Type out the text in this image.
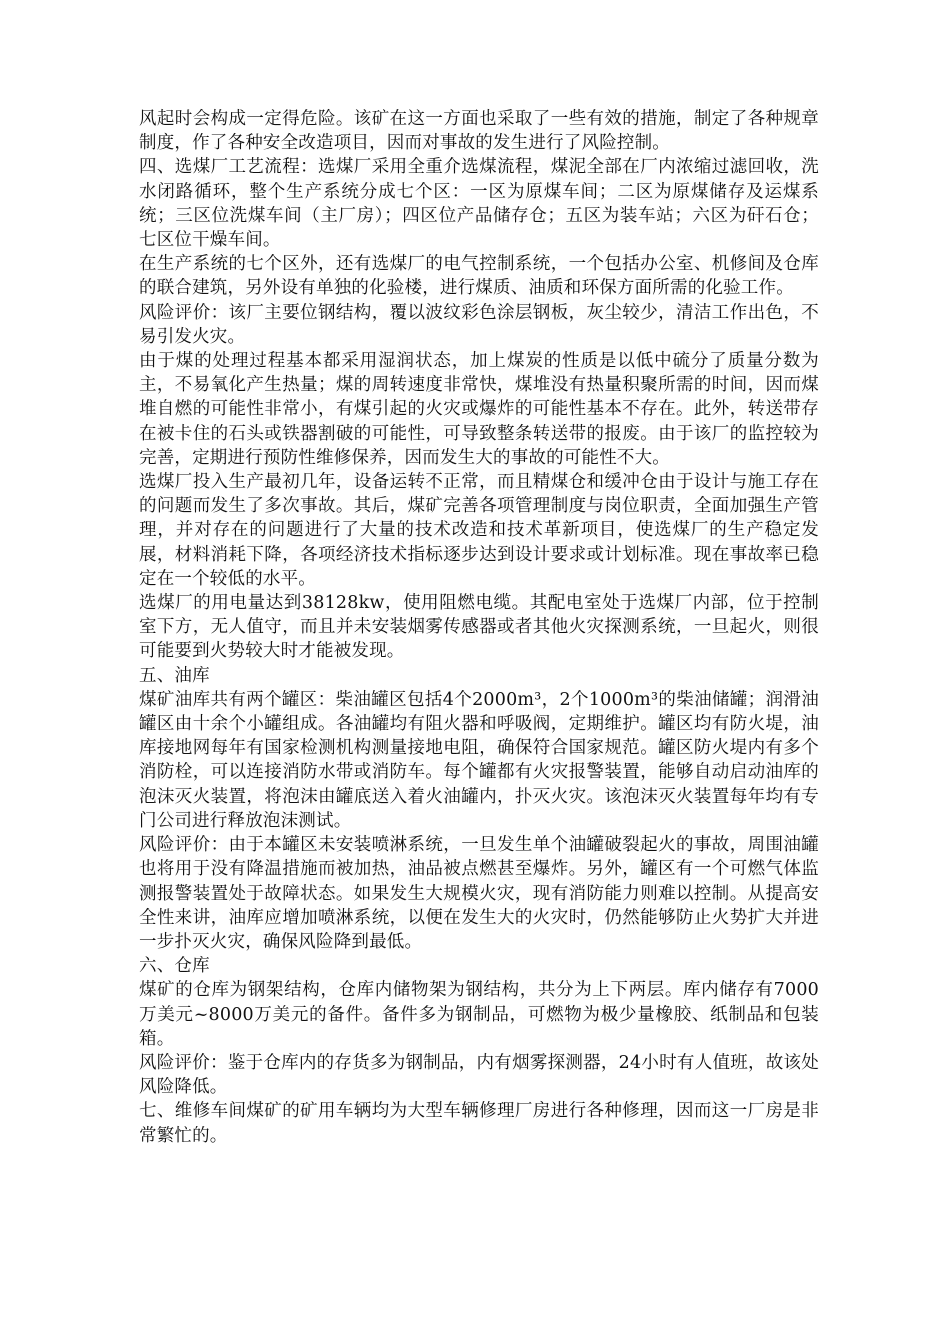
风起时会构成一定得危险。该矿在这一方面也采取了一些有效的措施，制定了各种规章制度，作了各种安全改造项目，因而对事故的发生进行了风险控制。

四、选煤厂工艺流程：选煤厂采用全重介选煤流程，煤泥全部在厂内浓缩过滤回收，洗水闭路循环，整个生产系统分成七个区：一区为原煤车间；二区为原煤储存及运煤系统；三区位洗煤车间（主厂房）；四区位产品储存仓；五区为装车站；六区为矸石仓；七区位干燥车间。

在生产系统的七个区外，还有选煤厂的电气控制系统，一个包括办公室、机修间及仓库的联合建筑，另外设有单独的化验楼，进行煤质、油质和环保方面所需的化验工作。

风险评价：该厂主要位钢结构，覆以波纹彩色涂层钢板，灰尘较少，清洁工作出色，不易引发火灾。

由于煤的处理过程基本都采用湿润状态，加上煤炭的性质是以低中硫分了质量分数为主，不易氧化产生热量；煤的周转速度非常快，煤堆没有热量积聚所需的时间，因而煤堆自燃的可能性非常小，有煤引起的火灾或爆炸的可能性基本不存在。此外，转送带存在被卡住的石头或铁器割破的可能性，可导致整条转送带的报废。由于该厂的监控较为完善，定期进行预防性维修保养，因而发生大的事故的可能性不大。

选煤厂投入生产最初几年，设备运转不正常，而且精煤仓和缓冲仓由于设计与施工存在的问题而发生了多次事故。其后，煤矿完善各项管理制度与岗位职责，全面加强生产管理，并对存在的问题进行了大量的技术改造和技术革新项目，使选煤厂的生产稳定发展，材料消耗下降，各项经济技术指标逐步达到设计要求或计划标准。现在事故率已稳定在一个较低的水平。

选煤厂的用电量达到38128kw，使用阻燃电缆。其配电室处于选煤厂内部，位于控制室下方，无人值守，而且并未安装烟雾传感器或者其他火灾探测系统，一旦起火，则很可能要到火势较大时才能被发现。

五、油库

煤矿油库共有两个罐区：柴油罐区包括4个2000m³，2个1000m³的柴油储罐；润滑油罐区由十余个小罐组成。各油罐均有阻火器和呼吸阀，定期维护。罐区均有防火堤，油库接地网每年有国家检测机构测量接地电阻，确保符合国家规范。罐区防火堤内有多个消防栓，可以连接消防水带或消防车。每个罐都有火灾报警装置，能够自动启动油库的泡沫灭火装置，将泡沫由罐底送入着火油罐内，扑灭火灾。该泡沫灭火装置每年均有专门公司进行释放泡沫测试。

风险评价：由于本罐区未安装喷淋系统，一旦发生单个油罐破裂起火的事故，周围油罐也将用于没有降温措施而被加热，油品被点燃甚至爆炸。另外，罐区有一个可燃气体监测报警装置处于故障状态。如果发生大规模火灾，现有消防能力则难以控制。从提高安全性来讲，油库应增加喷淋系统，以便在发生大的火灾时，仍然能够防止火势扩大并进一步扑灭火灾，确保风险降到最低。

六、仓库

煤矿的仓库为钢架结构，仓库内储物架为钢结构，共分为上下两层。库内储存有7000万美元~8000万美元的备件。备件多为钢制品，可燃物为极少量橡胶、纸制品和包装箱。

风险评价：鉴于仓库内的存货多为钢制品，内有烟雾探测器，24小时有人值班，故该处风险降低。

七、维修车间煤矿的矿用车辆均为大型车辆修理厂房进行各种修理，因而这一厂房是非常繁忙的。
